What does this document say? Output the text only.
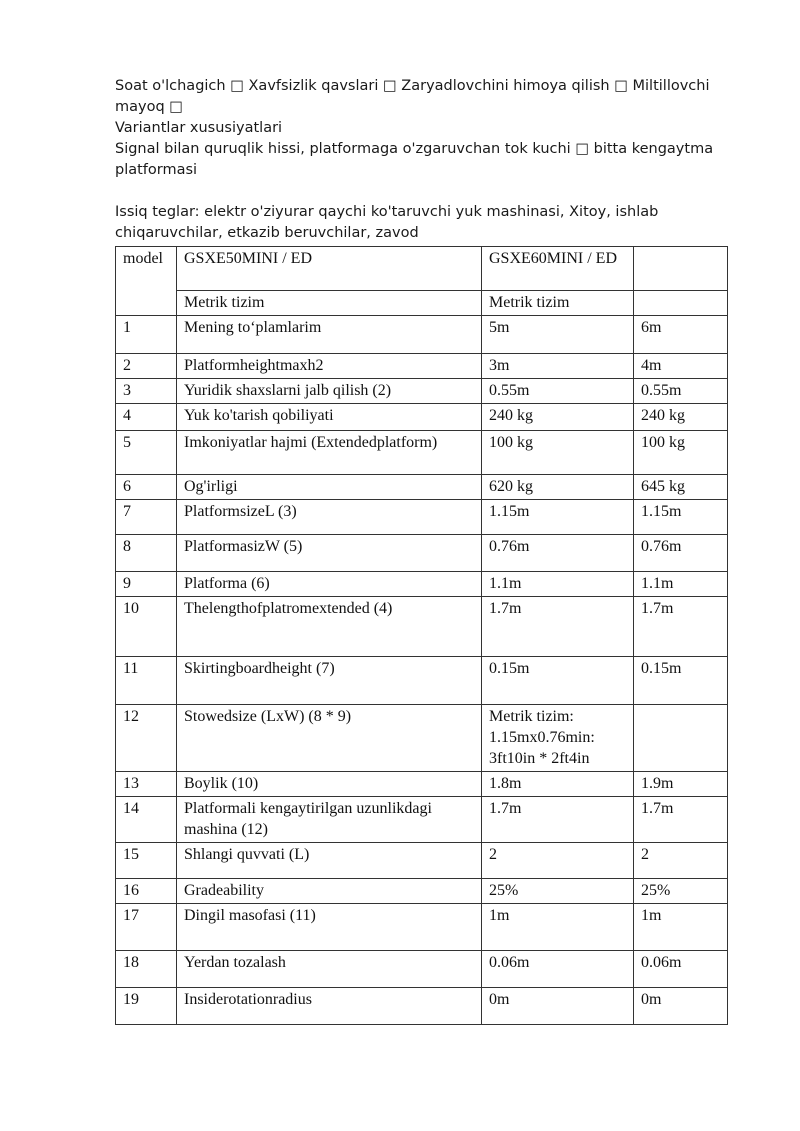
Soat o'lchagich □ Xavfsizlik qavslari □ Zaryadlovchini himoya qilish □ Miltillovchi mayoq □

Variantlar xususiyatlari

Signal bilan quruqlik hissi, platformaga o'zgaruvchan tok kuchi □ bitta kengaytma platformasi

Issiq teglar: elektr o'ziyurar qaychi ko'taruvchi yuk mashinasi, Xitoy, ishlab chiqaruvchilar, etkazib beruvchilar, zavod

model	GSXE50MINI / ED	GSXE60MINI / ED	
	Metrik tizim	Metrik tizim	
1	Mening to‘plamlarim	5m	6m
2	Platformheightmaxh2	3m	4m
3	Yuridik shaxslarni jalb qilish (2)	0.55m	0.55m
4	Yuk ko'tarish qobiliyati	240 kg	240 kg
5	Imkoniyatlar hajmi (Extendedplatform)	100 kg	100 kg
6	Og'irligi	620 kg	645 kg
7	PlatformsizeL (3)	1.15m	1.15m
8	PlatformasizW (5)	0.76m	0.76m
9	Platforma (6)	1.1m	1.1m
10	Thelengthofplatromextended (4)	1.7m	1.7m
11	Skirtingboardheight (7)	0.15m	0.15m
12	Stowedsize (LxW) (8 * 9)	Metrik tizim: 1.15mx0.76min: 3ft10in * 2ft4in	
13	Boylik (10)	1.8m	1.9m
14	Platformali kengaytirilgan uzunlikdagi mashina (12)	1.7m	1.7m
15	Shlangi quvvati (L)	2	2
16	Gradeability	25%	25%
17	Dingil masofasi (11)	1m	1m
18	Yerdan tozalash	0.06m	0.06m
19	Insiderotationradius	0m	0m
